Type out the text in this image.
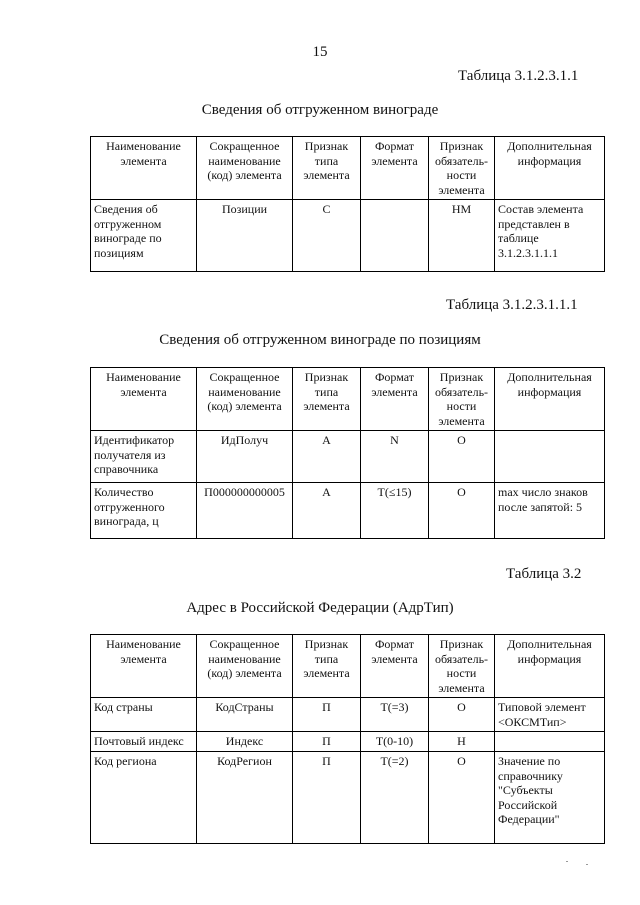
15
Таблица 3.1.2.3.1.1
Сведения об отгруженном винограде
Наименование элемента	Сокращенное наименование (код) элемента	Признак типа элемента	Формат элемента	Признак обязатель-ности элемента	Дополнительная информация
Сведения об отгруженном винограде по позициям	Позиции	С		НМ	Состав элемента представлен в таблице 3.1.2.3.1.1.1
Таблица 3.1.2.3.1.1.1
Сведения об отгруженном винограде по позициям
Наименование элемента	Сокращенное наименование (код) элемента	Признак типа элемента	Формат элемента	Признак обязатель-ности элемента	Дополнительная информация
Идентификатор получателя из справочника	ИдПолуч	А	N	О	
Количество отгруженного винограда, ц	П000000000005	А	T(≤15)	О	max число знаков после запятой: 5
Таблица 3.2
Адрес в Российской Федерации (АдрТип)
Наименование элемента	Сокращенное наименование (код) элемента	Признак типа элемента	Формат элемента	Признак обязатель-ности элемента	Дополнительная информация
Код страны	КодСтраны	П	T(=3)	О	Типовой элемент <ОКСМТип>
Почтовый индекс	Индекс	П	T(0-10)	Н	
Код региона	КодРегион	П	T(=2)	О	Значение по справочнику "Субъекты Российской Федерации"
